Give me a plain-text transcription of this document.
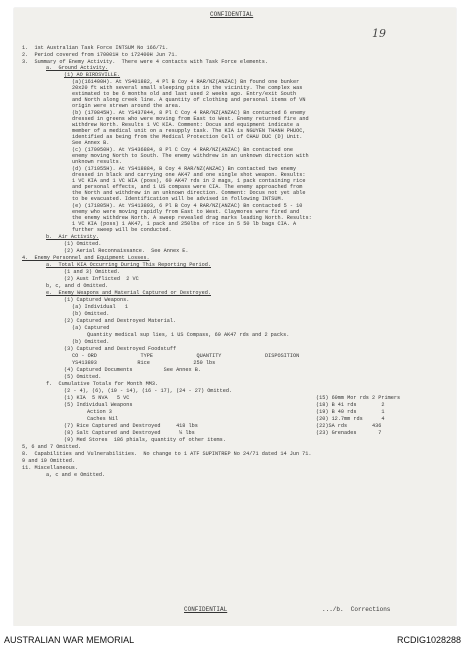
CONFIDENTIAL
19
1.  1st Australian Task Force INTSUM No 166/71.
2.  Period covered from 170001H to 172400H Jun 71.
3.  Summary of Enemy Activity.  There were 4 contacts with Task Force elements.
a.  Ground Activity.
(1) AO BIRDSVILLE.
(a)(161400H). At YS401882, 4 Pl B Coy 4 RAR/NZ(ANZAC) Bn found one bunker
20x20 ft with several small sleeping pits in the vicinity. The complex was
estimated to be 6 months old and last used 2 weeks ago. Entry/exit South
and North along creek line. A quantity of clothing and personal items of VN
origin were strewn around the area.
(b) (170845H). At YS437844, 8 Pl C Coy 4 RAR/NZ(ANZAC) Bn contacted 6 enemy
dressed in greens who were moving from East to West. Enemy returned fire and
withdrew North. Results 1 VC KIA. Comment: Docus and equipment indicate a
member of a medical unit on a resupply task. The KIA is NGUYEN THANH PHUOC,
identified as being from the Medical Protection Cell of CHAU DUC (D) Unit.
See Annex B.
(c) (170950H). At YS436884, 8 Pl C Coy 4 RAR/NZ(ANZAC) Bn contacted one
enemy moving North to South. The enemy withdrew in an unknown direction with
unknown results.
(d) (171055H). At YS418884, B Coy 4 RAR/NZ(ANZAC) Bn contacted two enemy
dressed in black and carrying one AK47 and one single shot weapon. Results:
1 VC KIA and 1 VC WIA (poss), 60 AK47 rds in 2 mags, 1 pack containing rice
and personal effects, and 1 US compass were CIA. The enemy approached from
the North and withdrew in an unknown direction. Comment: Docus not yet able
to be evacuated. Identification will be advised in following INTSUM.
(e) (171805H). At YS413893, 6 Pl B Coy 4 RAR/NZ(ANZAC) Bn contacted 5 - 10
enemy who were moving rapidly from East to West. Claymores were fired and
the enemy withdrew North. A sweep revealed drag marks leading North. Results:
1 VC KIA (poss) 1 AK47, 1 pack and 250lbs of rice in 5 50 lb bags CIA. A
further sweep will be conducted.
b.  Air Activity.
(1) Omitted.
(2) Aerial Reconnaissance.  See Annex E.
4.  Enemy Personnel and Equipment Losses.
a.  Total KIA Occurring During This Reporting Period.
(1 and 3) Omitted.
(2) Aust Inflicted  2 VC
b, c, and d Omitted.
e.  Enemy Weapons and Material Captured or Destroyed.
(1) Captured Weapons.
(a) Individual   1
(b) Omitted.
(2) Captured and Destroyed Material.
(a) Captured
Quantity medical sup lies, 1 US Compass, 60 AK47 rds and 2 packs.
(b) Omitted.
(3) Captured and Destroyed Foodstuff
CO - ORD              TYPE              QUANTITY              DISPOSITION
YS413893             Rice              250 lbs
(4) Captured Documents          See Annex B.
(5) Omitted.
f.  Cumulative Totals for Month MM3.
(2 - 4), (6), (10 - 14), (16 - 17), (24 - 27) Omitted.
(1) KIA  5 NVA   5 VC
(5) Individual Weapons
Action 3
Caches Nil
(7) Rice Captured and Destroyed     418 lbs
(8) Salt Captured and Destroyed      ¼ lbs
(9) Med Stores  186 phials, quantity of other items.
(15) 60mm Mor rds 2 Primers
(18) B 41 rds        2
(19) B 40 rds        1
(20) 12.7mm rds      4
(22)SA rds        436
(23) Grenades       7
5, 6 and 7 Omitted.
8.  Capabilities and Vulnerabilities.  No change to 1 ATF SUPINTREP No 24/71 dated 14 Jun 71.
9 and 10 Omitted.
11. Miscellaneous.
a, c and e Omitted.
CONFIDENTIAL	.../b.  Corrections
AUSTRALIAN WAR MEMORIAL	RCDIG1028288
